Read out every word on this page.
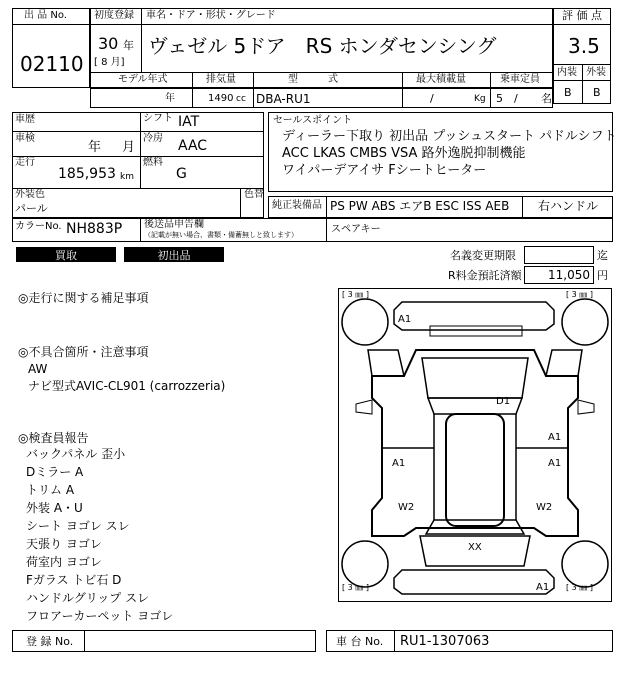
出 品 No.
02110
初度登録 車名・ドア・形状・グレード
30 年
[ 8 月]
ヴェゼル 5ドア　RS ホンダセンシング
評 価 点
3.5
内装 外装
B B
モデル年式	排気量	型　　　式	最大積載量	乗車定員
年	1490 cc DBA-RU1	/	Kg 5 / 名
車歴	シフト IAT
車検
年 月
冷房 AAC
走行
185,953 km
燃料
G
外装色
パール
色替
セールスポイント
ディーラー下取り 初出品 プッシュスタート パドルシフト
ACC LKAS CMBS VSA 路外逸脱抑制機能
ワイパーデアイサ Fシートヒーター
純正装備品 PS PW ABS エアB ESC ISS AEB 右ハンドル
カラーNo. NH883P 後送品申告欄
（記載が無い場合、書類・備蓄無しと致します）	スペアキー
買取	初出品	名義変更期限	迄
R料金預託済額 11,050 円
◎走行に関する補足事項
◎不具合箇所・注意事項
AW
ナビ型式AVIC-CL901 (carrozzeria)
◎検査員報告
バックパネル 歪小
Dミラー A
トリム A
外装 A・U
シート ヨゴレ スレ
天張り ヨゴレ
荷室内 ヨゴレ
Fガラス トビ石 D
ハンドルグリップ スレ
フロアーカーペット ヨゴレ
[ 3 ㎜ ]	[ 3 ㎜ ]
[ 3 ㎜ ]	[ 3 ㎜ ]
A1
D1
A1
A1
A1
W2	W2
XX
A1
登 録 No.	車 台 No. RU1-1307063
